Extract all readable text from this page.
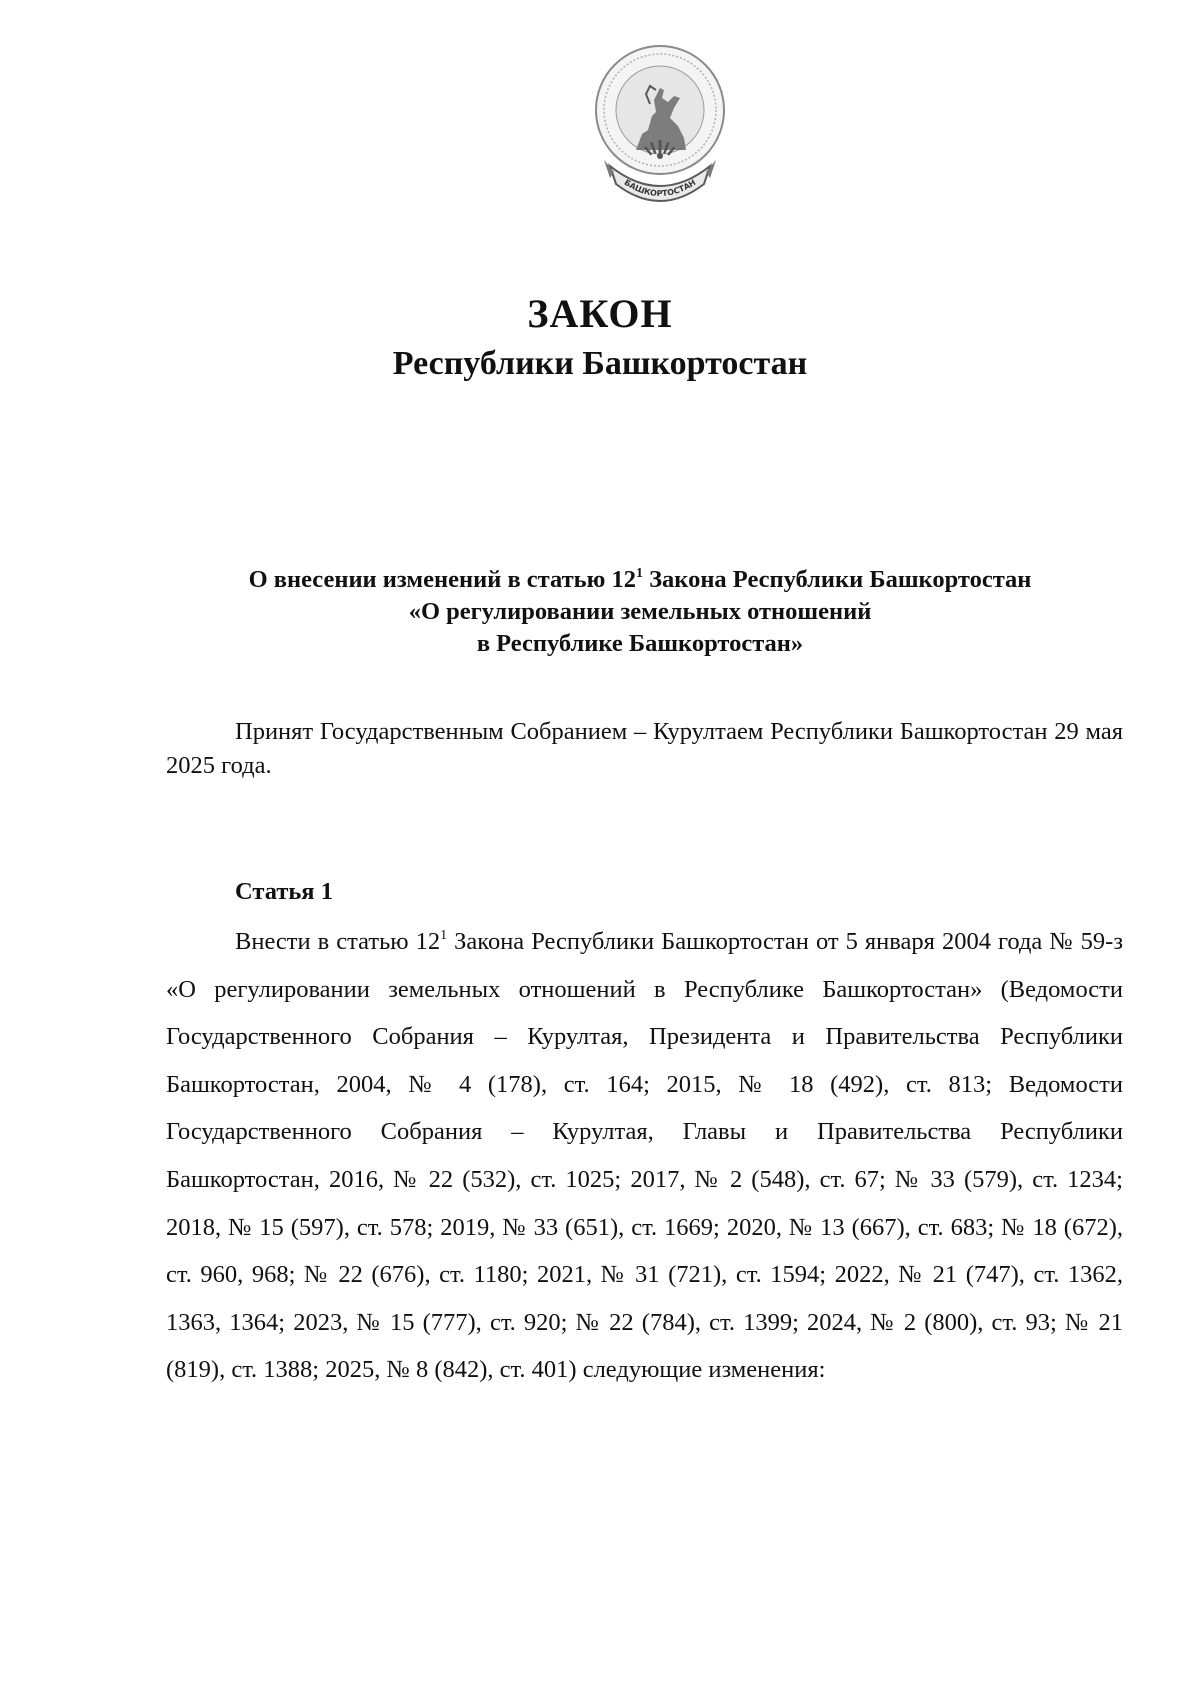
БАШКОРТОСТАН
ЗАКОН
Республики Башкортостан
О внесении изменений в статью $12^1$ Закона Республики Башкортостан
«О регулировании земельных отношений
в Республике Башкортостан»

Принят Государственным Собранием – Курултаем Республики Башкортостан 29 мая 2025 года.

Статья 1

Внести в статью $12^1$ Закона Республики Башкортостан от 5 января 2004 года № 59-з «О регулировании земельных отношений в Республике Башкортостан» (Ведомости Государственного Собрания – Курултая, Президента и Правительства Республики Башкортостан, 2004, № 4 (178), ст. 164; 2015, № 18 (492), ст. 813; Ведомости Государственного Собрания – Курултая, Главы и Правительства Республики Башкортостан, 2016, № 22 (532), ст. 1025; 2017, № 2 (548), ст. 67; № 33 (579), ст. 1234; 2018, № 15 (597), ст. 578; 2019, № 33 (651), ст. 1669; 2020, № 13 (667), ст. 683; № 18 (672), ст. 960, 968; № 22 (676), ст. 1180; 2021, № 31 (721), ст. 1594; 2022, № 21 (747), ст. 1362, 1363, 1364; 2023, № 15 (777), ст. 920; № 22 (784), ст. 1399; 2024, № 2 (800), ст. 93; № 21 (819), ст. 1388; 2025, № 8 (842), ст. 401) следующие изменения:
